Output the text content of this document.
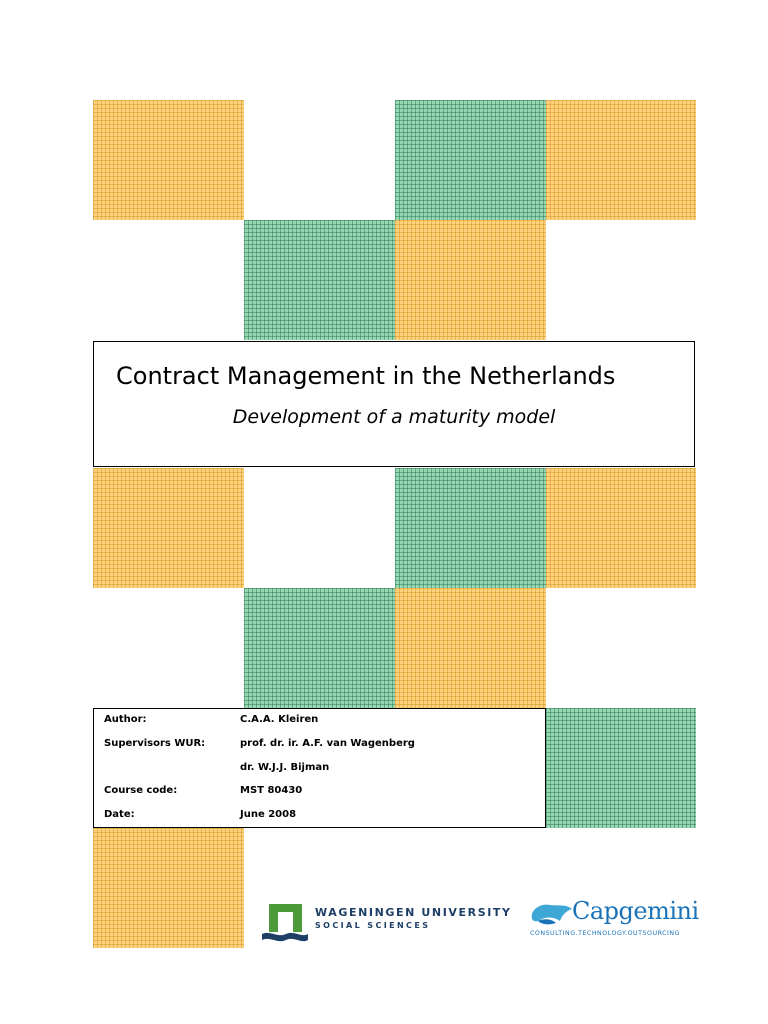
Contract Management in the Netherlands
Development of a maturity model
Author:	C.A.A. Kleiren
Supervisors WUR:	prof. dr. ir. A.F. van Wagenberg
dr. W.J.J. Bijman
Course code:	MST 80430
Date:	June 2008
WAGENINGEN UNIVERSITY
SOCIAL SCIENCES
Capgemini
CONSULTING.TECHNOLOGY.OUTSOURCING
